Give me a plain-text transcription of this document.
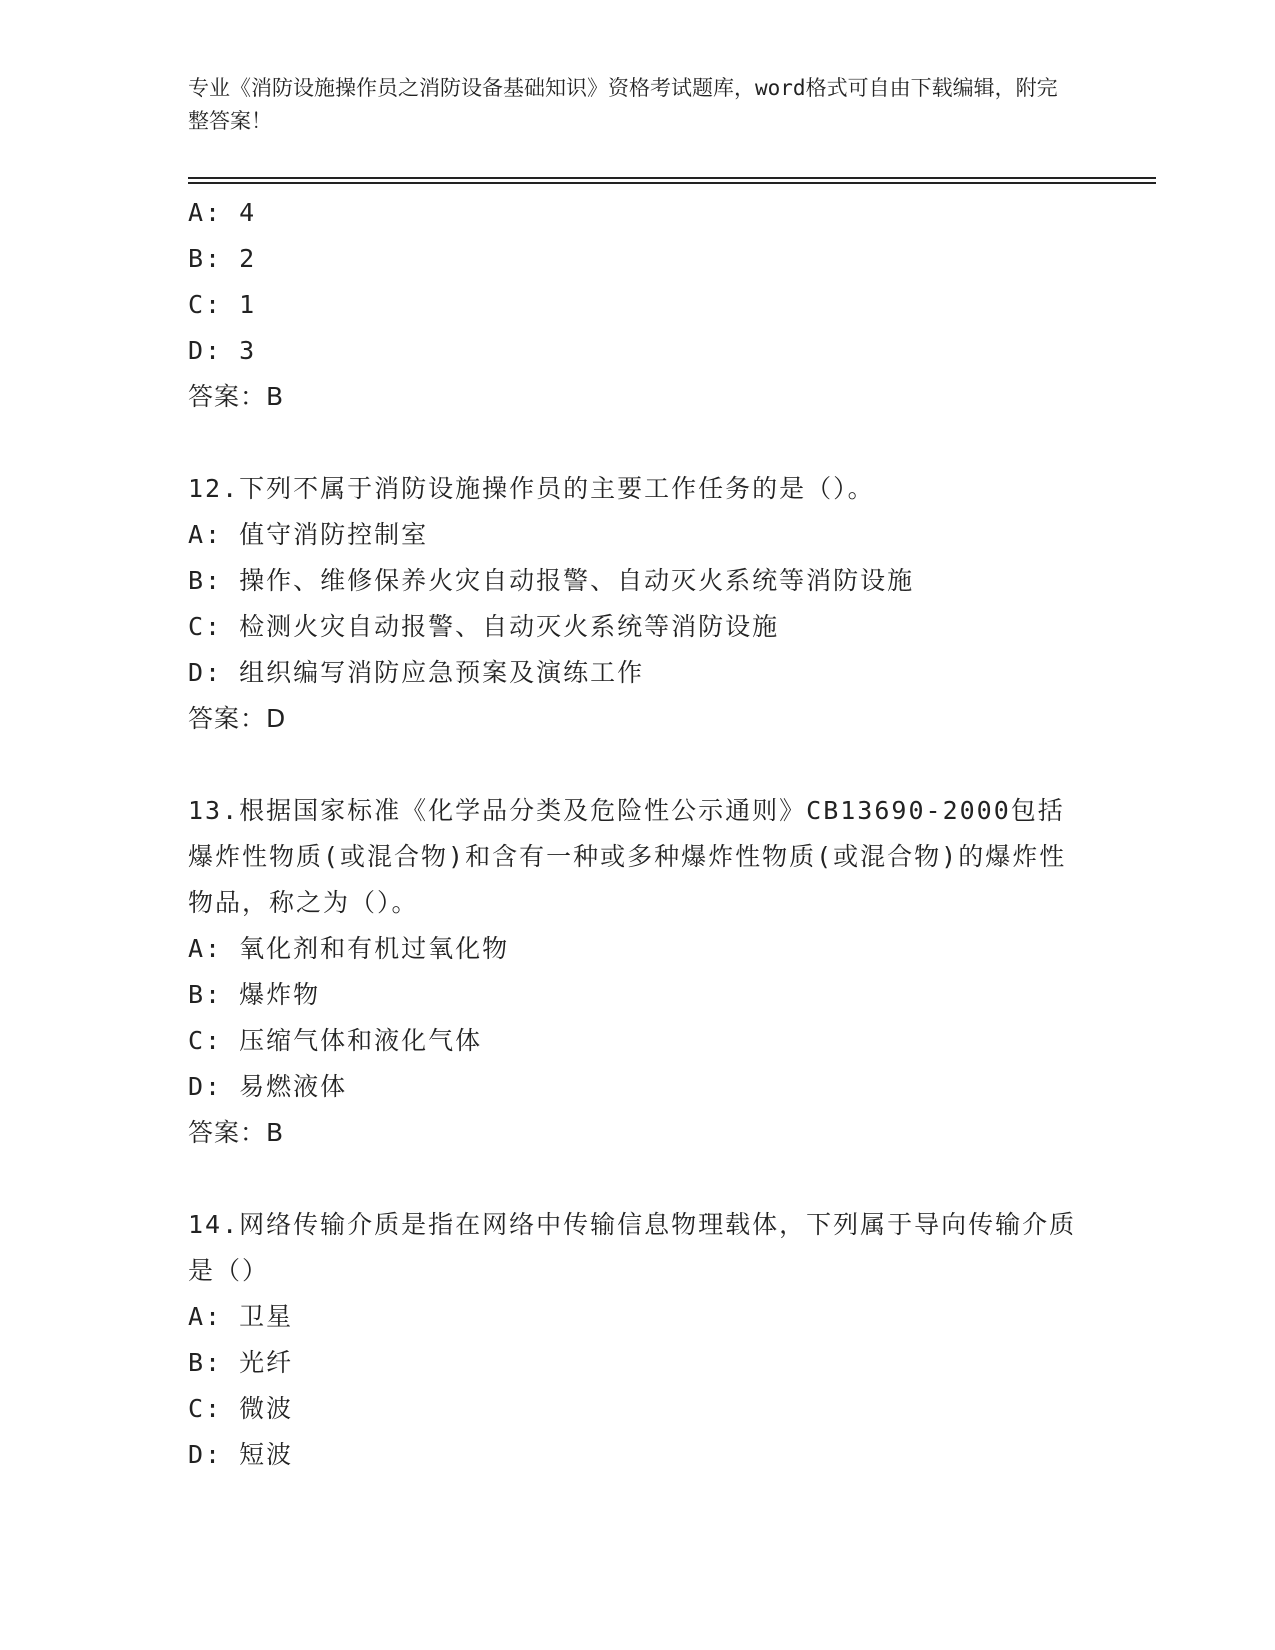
专业《消防设施操作员之消防设备基础知识》资格考试题库，word格式可自由下载编辑，附完整答案！
A: 4
B: 2
C: 1
D: 3
答案：B
12.下列不属于消防设施操作员的主要工作任务的是（）。
A: 值守消防控制室
B: 操作、维修保养火灾自动报警、自动灭火系统等消防设施
C: 检测火灾自动报警、自动灭火系统等消防设施
D: 组织编写消防应急预案及演练工作
答案：D
13.根据国家标准《化学品分类及危险性公示通则》CB13690-2000包括爆炸性物质(或混合物)和含有一种或多种爆炸性物质(或混合物)的爆炸性物品，称之为（）。
A: 氧化剂和有机过氧化物
B: 爆炸物
C: 压缩气体和液化气体
D: 易燃液体
答案：B
14.网络传输介质是指在网络中传输信息物理载体，下列属于导向传输介质是（）
A: 卫星
B: 光纤
C: 微波
D: 短波
